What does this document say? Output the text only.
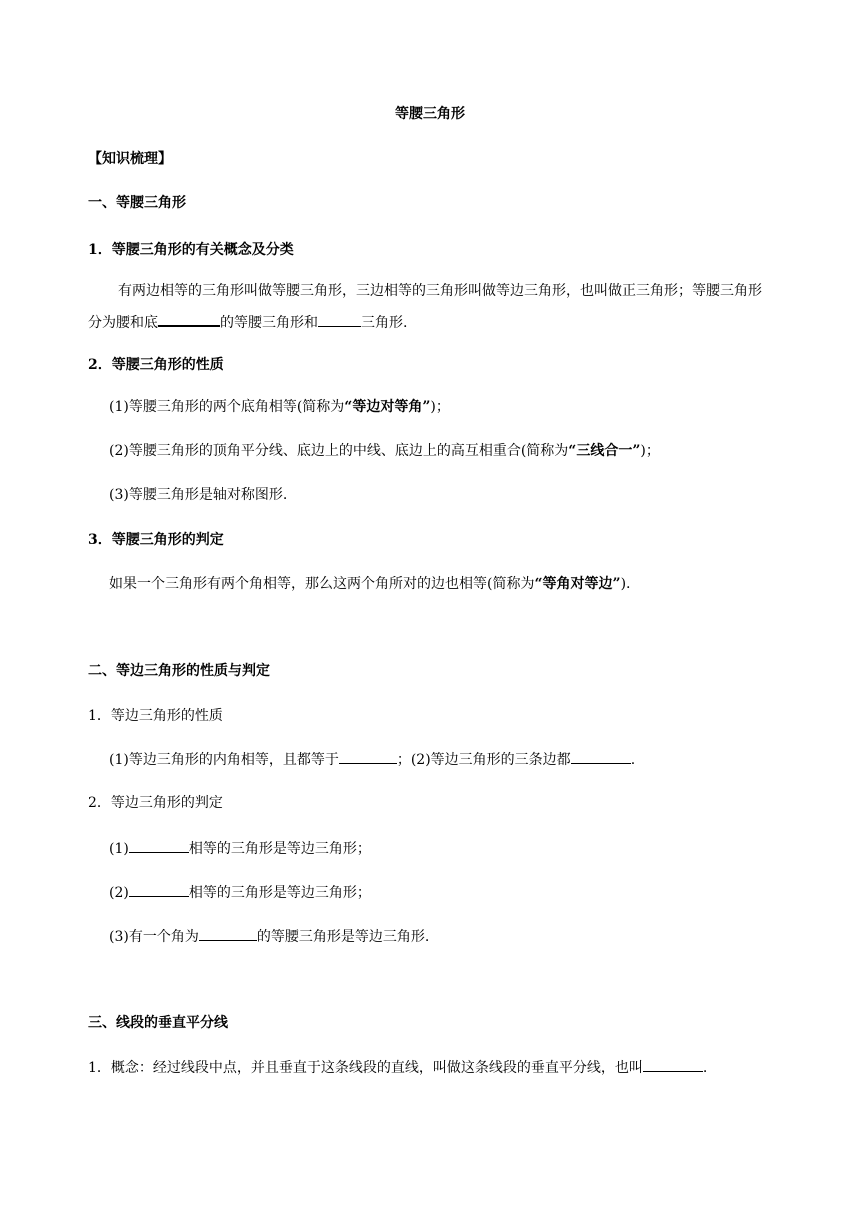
等腰三角形
【知识梳理】
一、等腰三角形
1．等腰三角形的有关概念及分类
有两边相等的三角形叫做等腰三角形，三边相等的三角形叫做等边三角形，也叫做正三角形；等腰三角形
分为腰和底	的等腰三角形和	三角形.
2．等腰三角形的性质
(1)等腰三角形的两个底角相等(简称为“等边对等角”)；
(2)等腰三角形的顶角平分线、底边上的中线、底边上的高互相重合(简称为“三线合一”)；
(3)等腰三角形是轴对称图形.
3．等腰三角形的判定
如果一个三角形有两个角相等，那么这两个角所对的边也相等(简称为“等角对等边”).
二、等边三角形的性质与判定
1．等边三角形的性质
(1)等边三角形的内角相等，且都等于	；(2)等边三角形的三条边都	.
2．等边三角形的判定
(1)	相等的三角形是等边三角形；
(2)	相等的三角形是等边三角形；
(3)有一个角为	的等腰三角形是等边三角形.
三、线段的垂直平分线
1．概念：经过线段中点，并且垂直于这条线段的直线，叫做这条线段的垂直平分线，也叫	.
